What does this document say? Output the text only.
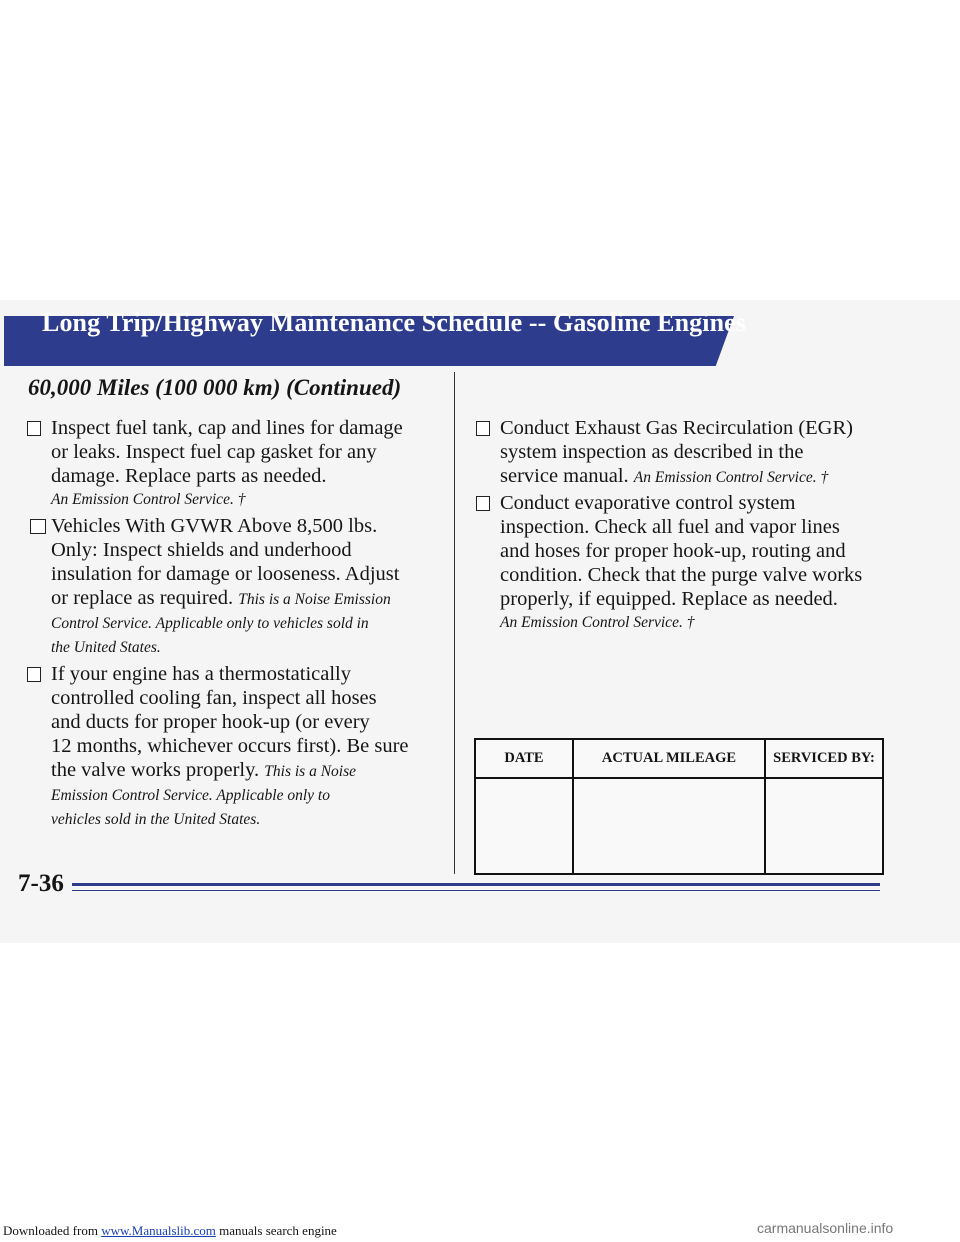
Downloaded from www.Manualslib.com manuals search engine	carmanualsonline.info
Long Trip/Highway Maintenance Schedule -- Gasoline Engines
60,000 Miles (100 000 km) (Continued)
Inspect fuel tank, cap and lines for damage
or leaks. Inspect fuel cap gasket for any
damage. Replace parts as needed.
An Emission Control Service. †
Vehicles With GVWR Above 8,500 lbs.
Only: Inspect shields and underhood
insulation for damage or looseness. Adjust
or replace as required. This is a Noise Emission
Control Service. Applicable only to vehicles sold in
the United States.
If your engine has a thermostatically
controlled cooling fan, inspect all hoses
and ducts for proper hook-up (or every
12 months, whichever occurs first). Be sure
the valve works properly. This is a Noise
Emission Control Service. Applicable only to
vehicles sold in the United States.
Conduct Exhaust Gas Recirculation (EGR)
system inspection as described in the
service manual. An Emission Control Service. †
Conduct evaporative control system
inspection. Check all fuel and vapor lines
and hoses for proper hook-up, routing and
condition. Check that the purge valve works
properly, if equipped. Replace as needed.
An Emission Control Service. †
DATE	ACTUAL MILEAGE	SERVICED BY:

7-36
